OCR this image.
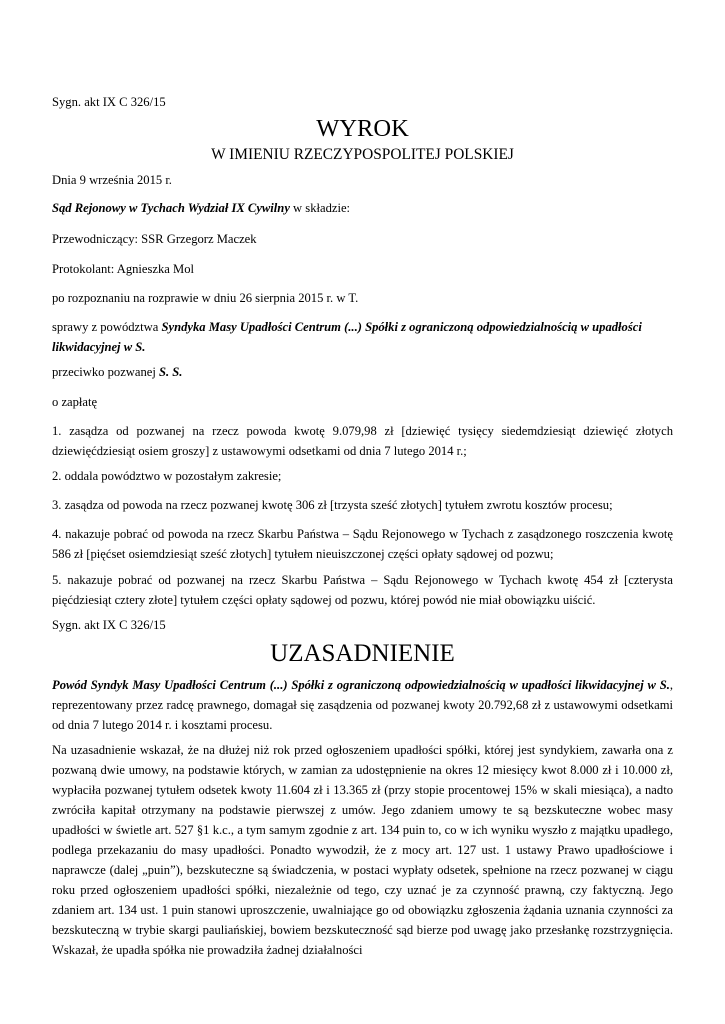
Sygn. akt IX C 326/15

WYROK
W IMIENIU RZECZYPOSPOLITEJ POLSKIEJ

Dnia 9 września 2015 r.

Sąd Rejonowy w Tychach Wydział IX Cywilny w składzie:

Przewodniczący: SSR Grzegorz Maczek

Protokolant: Agnieszka Mol

po rozpoznaniu na rozprawie w dniu 26 sierpnia 2015 r. w T.

sprawy z powództwa Syndyka Masy Upadłości Centrum (...) Spółki z ograniczoną odpowiedzialnością w upadłości likwidacyjnej w S.

przeciwko pozwanej S. S.

o zapłatę

1. zasądza od pozwanej na rzecz powoda kwotę 9.079,98 zł [dziewięć tysięcy siedemdziesiąt dziewięć złotych dziewięćdziesiąt osiem groszy] z ustawowymi odsetkami od dnia 7 lutego 2014 r.;

2. oddala powództwo w pozostałym zakresie;

3. zasądza od powoda na rzecz pozwanej kwotę 306 zł [trzysta sześć złotych] tytułem zwrotu kosztów procesu;

4. nakazuje pobrać od powoda na rzecz Skarbu Państwa – Sądu Rejonowego w Tychach z zasądzonego roszczenia kwotę 586 zł [pięćset osiemdziesiąt sześć złotych] tytułem nieuiszczonej części opłaty sądowej od pozwu;

5. nakazuje pobrać od pozwanej na rzecz Skarbu Państwa – Sądu Rejonowego w Tychach kwotę 454 zł [czterysta pięćdziesiąt cztery złote] tytułem części opłaty sądowej od pozwu, której powód nie miał obowiązku uiścić.

Sygn. akt IX C 326/15

UZASADNIENIE

Powód Syndyk Masy Upadłości Centrum (...) Spółki z ograniczoną odpowiedzialnością w upadłości likwidacyjnej w S., reprezentowany przez radcę prawnego, domagał się zasądzenia od pozwanej kwoty 20.792,68 zł z ustawowymi odsetkami od dnia 7 lutego 2014 r. i kosztami procesu.

Na uzasadnienie wskazał, że na dłużej niż rok przed ogłoszeniem upadłości spółki, której jest syndykiem, zawarła ona z pozwaną dwie umowy, na podstawie których, w zamian za udostępnienie na okres 12 miesięcy kwot 8.000 zł i 10.000 zł, wypłaciła pozwanej tytułem odsetek kwoty 11.604 zł i 13.365 zł (przy stopie procentowej 15% w skali miesiąca), a nadto zwróciła kapitał otrzymany na podstawie pierwszej z umów. Jego zdaniem umowy te są bezskuteczne wobec masy upadłości w świetle art. 527 §1 k.c., a tym samym zgodnie z art. 134 puin to, co w ich wyniku wyszło z majątku upadłego, podlega przekazaniu do masy upadłości. Ponadto wywodził, że z mocy art. 127 ust. 1 ustawy Prawo upadłościowe i naprawcze (dalej „puin”), bezskuteczne są świadczenia, w postaci wypłaty odsetek, spełnione na rzecz pozwanej w ciągu roku przed ogłoszeniem upadłości spółki, niezależnie od tego, czy uznać je za czynność prawną, czy faktyczną. Jego zdaniem art. 134 ust. 1 puin stanowi uproszczenie, uwalniające go od obowiązku zgłoszenia żądania uznania czynności za bezskuteczną w trybie skargi pauliańskiej, bowiem bezskuteczność sąd bierze pod uwagę jako przesłankę rozstrzygnięcia. Wskazał, że upadła spółka nie prowadziła żadnej działalności
